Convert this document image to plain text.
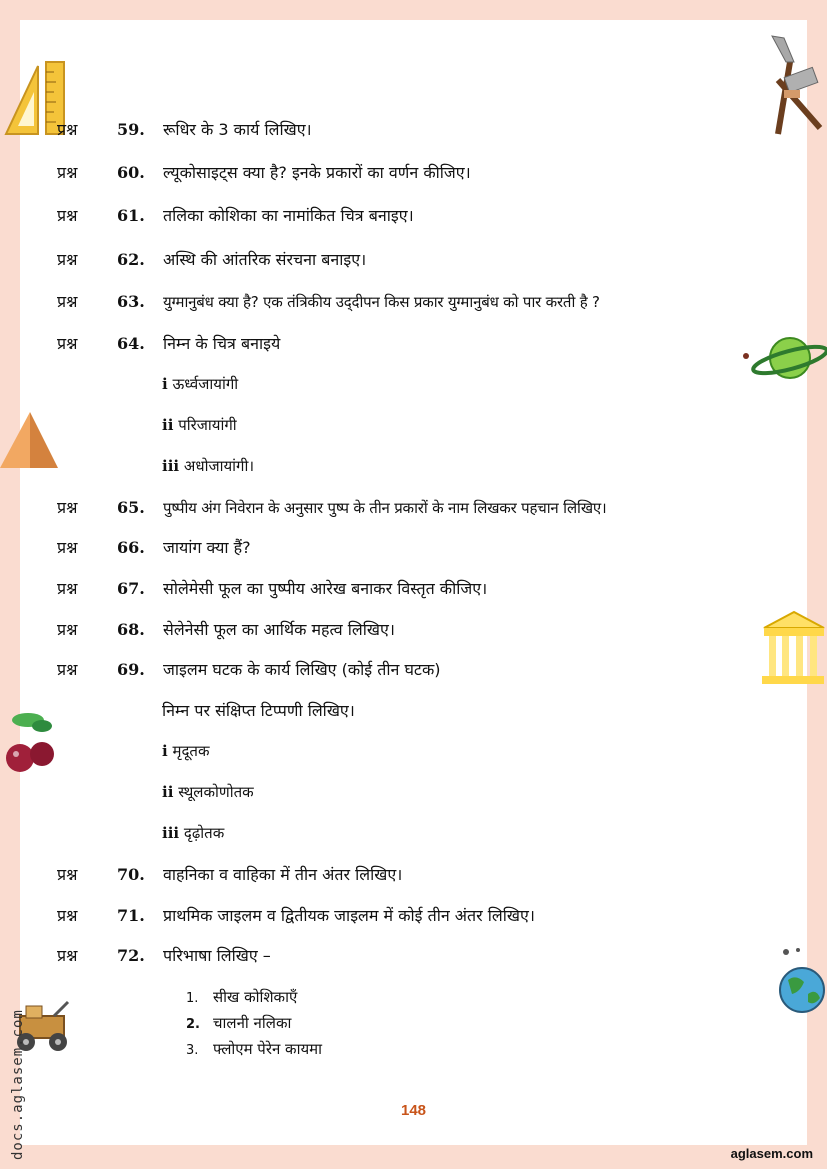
docs.aglasem.com
प्रश्न 59. रूधिर के 3 कार्य लिखिए।
प्रश्न 60. ल्यूकोसाइट्स क्या है? इनके प्रकारों का वर्णन कीजिए।
प्रश्न 61. तलिका कोशिका का नामांकित चित्र बनाइए।
प्रश्न 62. अस्थि की आंतरिक संरचना बनाइए।
प्रश्न 63. युग्मानुबंध क्या है? एक तंत्रिकीय उद्‌दीपन किस प्रकार युग्मानुबंध को पार करती है ?
प्रश्न 64. निम्न के चित्र बनाइये
i ऊर्ध्वजायांगी
ii परिजायांगी
iii अधोजायांगी।
प्रश्न 65. पुष्पीय अंग निवेरान के अनुसार पुष्प के तीन प्रकारों के नाम लिखकर पहचान लिखिए।
प्रश्न 66. जायांग क्या हैं?
प्रश्न 67. सोलेमेसी फूल का पुष्पीय आरेख बनाकर विस्तृत कीजिए।
प्रश्न 68. सेलेनेसी फूल का आर्थिक महत्व लिखिए।
प्रश्न 69. जाइलम घटक के कार्य लिखिए (कोई तीन घटक)
निम्न पर संक्षिप्त टिप्पणी लिखिए।
i मृदूतक
ii स्थूलकोणोतक
iii दृढ़ोतक
प्रश्न 70. वाहनिका व वाहिका में तीन अंतर लिखिए।
प्रश्न 71. प्राथमिक जाइलम व द्वितीयक जाइलम में कोई तीन अंतर लिखिए।
प्रश्न 72. परिभाषा लिखिए –
1. सीख कोशिकाएँ
2. चालनी नलिका
3. फ्लोएम पेरेन कायमा
148
aglasem.com
